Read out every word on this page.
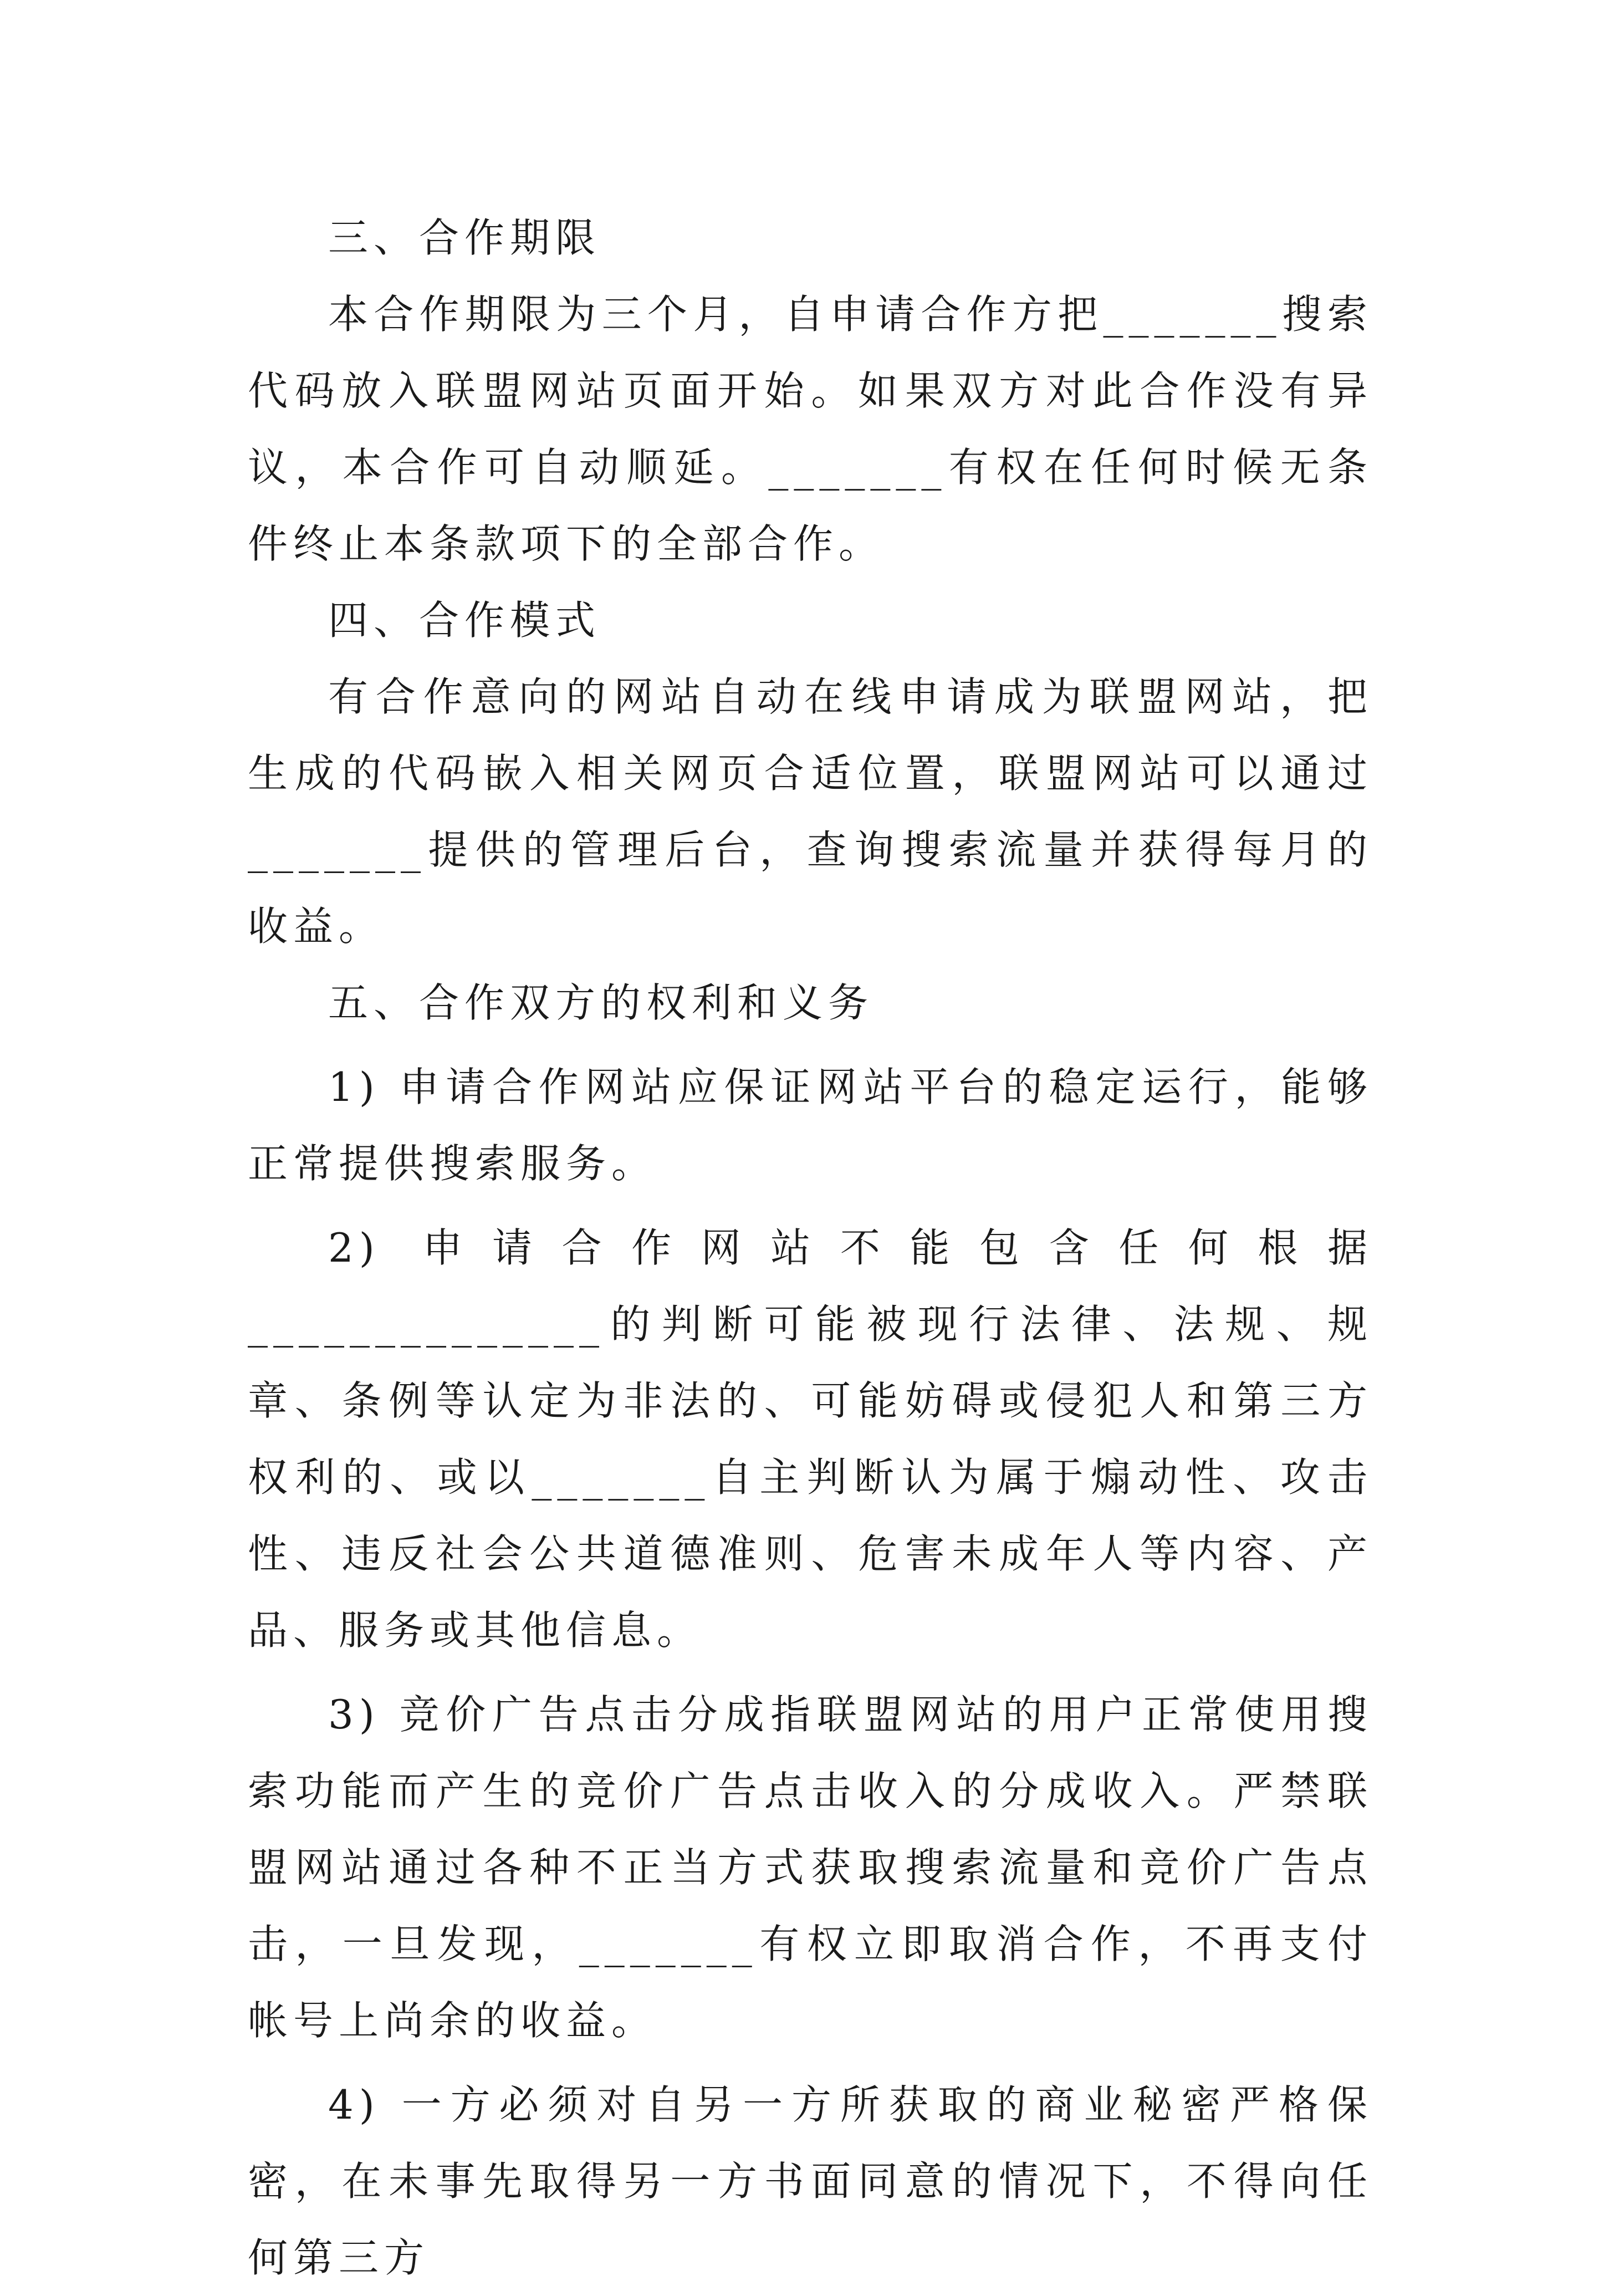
三、合作期限

本合作期限为三个月，自申请合作方把_______搜索代码放入联盟网站页面开始。如果双方对此合作没有异议，本合作可自动顺延。_______有权在任何时候无条件终止本条款项下的全部合作。

四、合作模式

有合作意向的网站自动在线申请成为联盟网站，把生成的代码嵌入相关网页合适位置，联盟网站可以通过_______提供的管理后台，查询搜索流量并获得每月的收益。

五、合作双方的权利和义务

1) 申请合作网站应保证网站平台的稳定运行，能够正常提供搜索服务。

2) 申请合作网站不能包含任何根据______________的判断可能被现行法律、法规、规章、条例等认定为非法的、可能妨碍或侵犯人和第三方权利的、或以_______自主判断认为属于煽动性、攻击性、违反社会公共道德准则、危害未成年人等内容、产品、服务或其他信息。

3) 竞价广告点击分成指联盟网站的用户正常使用搜索功能而产生的竞价广告点击收入的分成收入。严禁联盟网站通过各种不正当方式获取搜索流量和竞价广告点击，一旦发现，_______有权立即取消合作，不再支付帐号上尚余的收益。

4) 一方必须对自另一方所获取的商业秘密严格保密，在未事先取得另一方书面同意的情况下，不得向任何第三方
